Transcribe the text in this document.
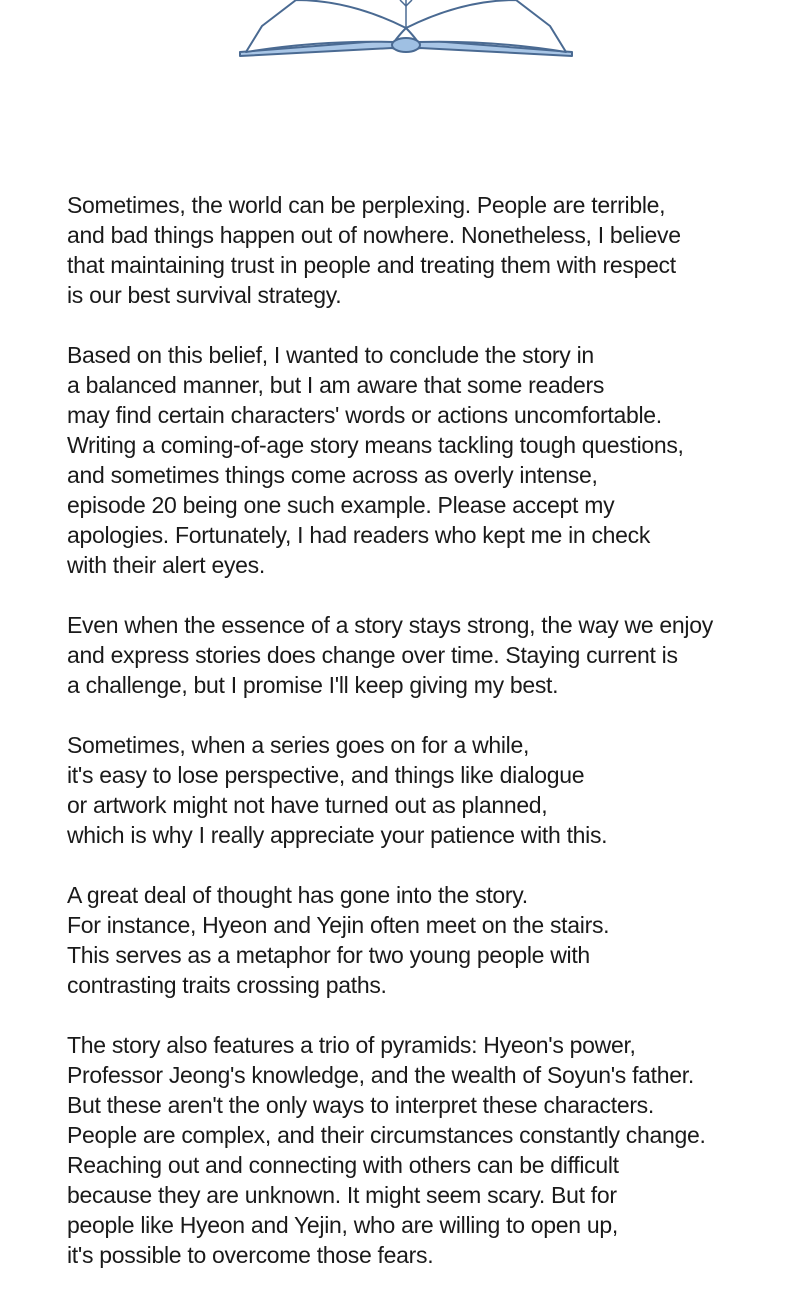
Sometimes, the world can be perplexing. People are terrible,
and bad things happen out of nowhere. Nonetheless, I believe
that maintaining trust in people and treating them with respect
is our best survival strategy.

Based on this belief, I wanted to conclude the story in
a balanced manner, but I am aware that some readers
may find certain characters' words or actions uncomfortable.
Writing a coming-of-age story means tackling tough questions,
and sometimes things come across as overly intense,
episode 20 being one such example. Please accept my
apologies. Fortunately, I had readers who kept me in check
with their alert eyes.

Even when the essence of a story stays strong, the way we enjoy
and express stories does change over time. Staying current is
a challenge, but I promise I'll keep giving my best.

Sometimes, when a series goes on for a while,
it's easy to lose perspective, and things like dialogue
or artwork might not have turned out as planned,
which is why I really appreciate your patience with this.

A great deal of thought has gone into the story.
For instance, Hyeon and Yejin often meet on the stairs.
This serves as a metaphor for two young people with
contrasting traits crossing paths.

The story also features a trio of pyramids: Hyeon's power,
Professor Jeong's knowledge, and the wealth of Soyun's father.
But these aren't the only ways to interpret these characters.
People are complex, and their circumstances constantly change.
Reaching out and connecting with others can be difficult
because they are unknown. It might seem scary. But for
people like Hyeon and Yejin, who are willing to open up,
it's possible to overcome those fears.
